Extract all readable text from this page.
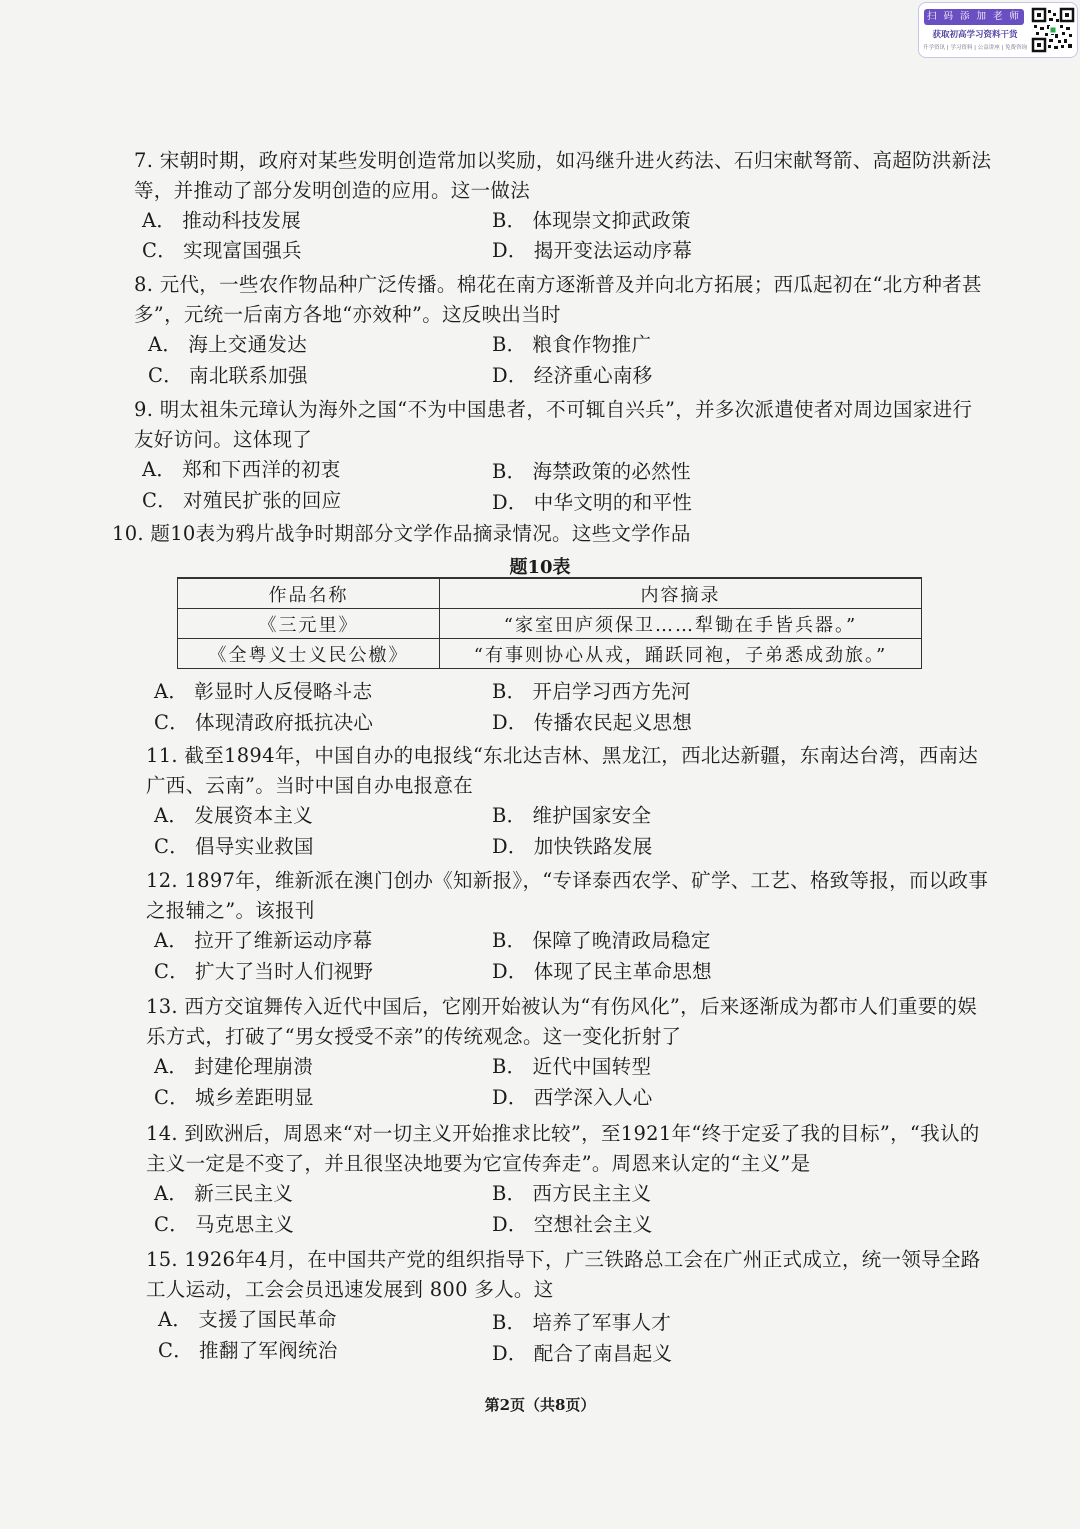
扫 码 添 加 老 师
获取初高学习资料干货
升学资讯 | 学习资料 | 公益讲座 | 免费咨询
7. 宋朝时期，政府对某些发明创造常加以奖励，如冯继升进火药法、石归宋献弩箭、高超防洪新法等，并推动了部分发明创造的应用。这一做法
A． 推动科技发展	B． 体现崇文抑武政策
C． 实现富国强兵	D． 揭开变法运动序幕
8. 元代，一些农作物品种广泛传播。棉花在南方逐渐普及并向北方拓展；西瓜起初在“北方种者甚多”，元统一后南方各地“亦效种”。这反映出当时
A． 海上交通发达	B． 粮食作物推广
C． 南北联系加强	D． 经济重心南移
9. 明太祖朱元璋认为海外之国“不为中国患者，不可辄自兴兵”，并多次派遣使者对周边国家进行友好访问。这体现了
A． 郑和下西洋的初衷	B． 海禁政策的必然性
C． 对殖民扩张的回应	D． 中华文明的和平性
10. 题10表为鸦片战争时期部分文学作品摘录情况。这些文学作品
题10表
作品名称	内容摘录
《三元里》	“家室田庐须保卫……犁锄在手皆兵器。”
《全粤义士义民公檄》	“有事则协心从戎，踊跃同袍，子弟悉成劲旅。”
A． 彰显时人反侵略斗志	B． 开启学习西方先河
C． 体现清政府抵抗决心	D． 传播农民起义思想
11. 截至1894年，中国自办的电报线“东北达吉林、黑龙江，西北达新疆，东南达台湾，西南达广西、云南”。当时中国自办电报意在
A． 发展资本主义	B． 维护国家安全
C． 倡导实业救国	D． 加快铁路发展
12. 1897年，维新派在澳门创办《知新报》，“专译泰西农学、矿学、工艺、格致等报，而以政事之报辅之”。该报刊
A． 拉开了维新运动序幕	B． 保障了晚清政局稳定
C． 扩大了当时人们视野	D． 体现了民主革命思想
13. 西方交谊舞传入近代中国后，它刚开始被认为“有伤风化”，后来逐渐成为都市人们重要的娱乐方式，打破了“男女授受不亲”的传统观念。这一变化折射了
A． 封建伦理崩溃	B． 近代中国转型
C． 城乡差距明显	D． 西学深入人心
14. 到欧洲后，周恩来“对一切主义开始推求比较”，至1921年“终于定妥了我的目标”，“我认的主义一定是不变了，并且很坚决地要为它宣传奔走”。周恩来认定的“主义”是
A． 新三民主义	B． 西方民主主义
C． 马克思主义	D． 空想社会主义
15. 1926年4月，在中国共产党的组织指导下，广三铁路总工会在广州正式成立，统一领导全路工人运动，工会会员迅速发展到 800 多人。这
A． 支援了国民革命	B． 培养了军事人才
C． 推翻了军阀统治	D． 配合了南昌起义
第2页（共8页）
